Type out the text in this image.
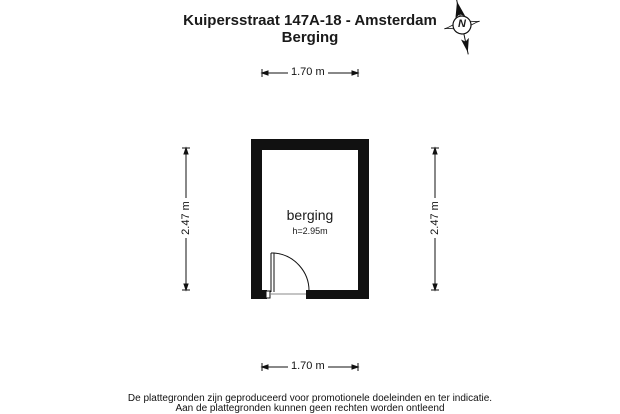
Kuipersstraat 147A-18 - Amsterdam
Berging
N
1.70 m
1.70 m
2.47 m	2.47 m
berging
h=2.95m
De plattegronden zijn geproduceerd voor promotionele doeleinden en ter indicatie.
Aan de plattegronden kunnen geen rechten worden ontleend
